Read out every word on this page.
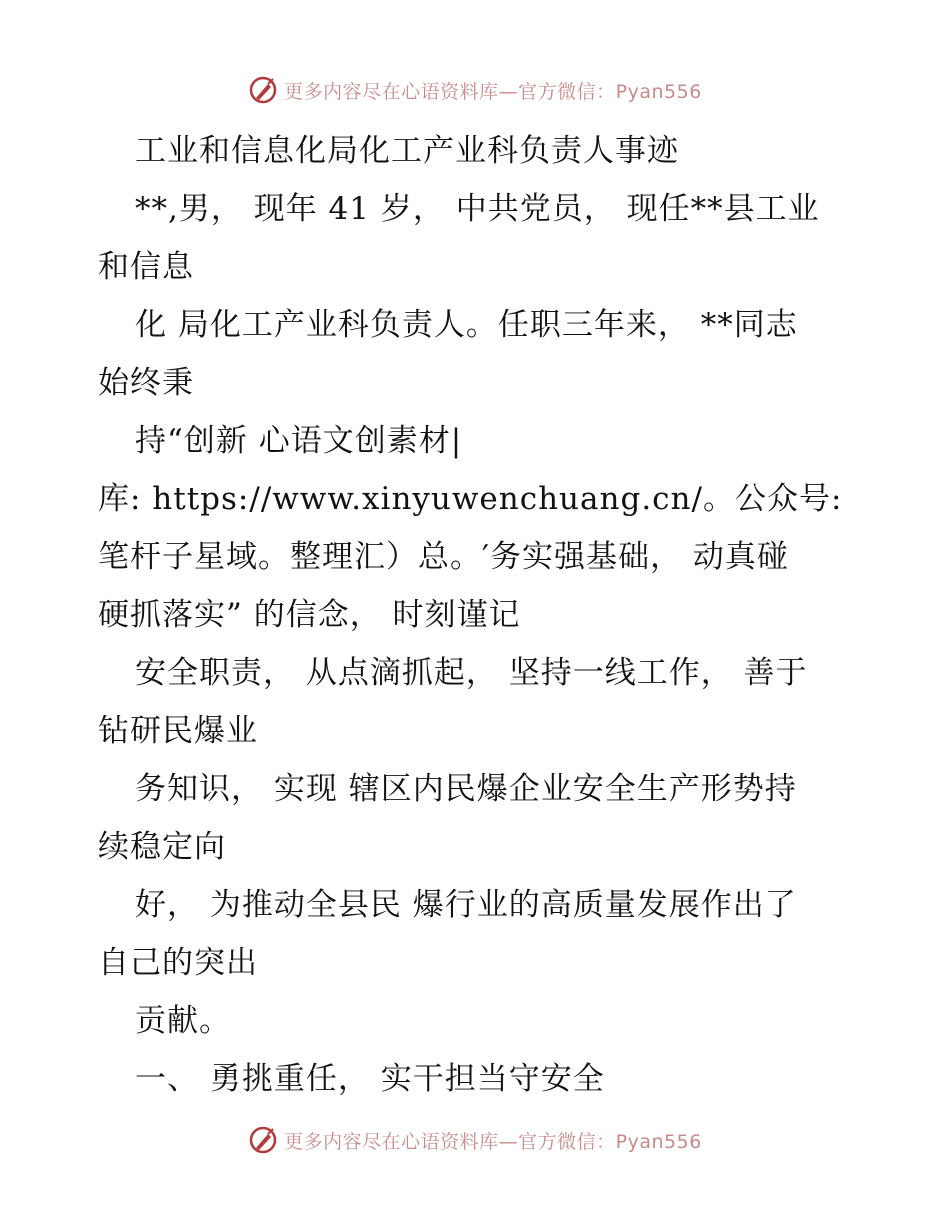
更多内容尽在心语资料库—官方微信：Pyan556
工业和信息化局化工产业科负责人事迹
**,男， 现年 41 岁， 中共党员， 现任**县工业
和信息
化 局化工产业科负责人。任职三年来， **同志
始终秉
持“创新 心语文创素材|
库: https://www.xinyuwenchuang.cn/。公众号:
笔杆子星域。整理汇）总。′务实强基础， 动真碰
硬抓落实” 的信念， 时刻谨记
安全职责， 从点滴抓起， 坚持一线工作， 善于
钻研民爆业
务知识， 实现 辖区内民爆企业安全生产形势持
续稳定向
好， 为推动全县民 爆行业的高质量发展作出了
自己的突出
贡献。
一、 勇挑重任， 实干担当守安全
更多内容尽在心语资料库—官方微信：Pyan556
